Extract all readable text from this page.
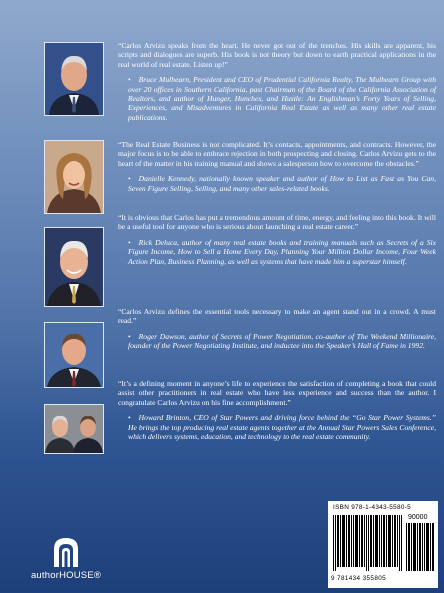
“Carlos Arvizu speaks from the heart. He never got out of the trenches. His skills are apparent, his scripts and dialogues are superb. His book is not theory but down to earth practical applications in the real world of real estate. Listen up!”

• Bruce Mulhearn, President and CEO of Prudential California Realty, The Mulhearn Group with over 20 offices in Southern California, past Chairman of the Board of the California Association of Realtors, and author of Hunger, Hunches, and Hustle: An Englishman’s Forty Years of Selling, Experiences, and Misadventures in California Real Estate as well as many other real estate publications.

“The Real Estate Business is not complicated. It’s contacts, appointments, and contracts. However, the major focus is to be able to embrace rejection in both prospecting and closing. Carlos Arvizu gets to the heart of the matter in his training manual and shows a salesperson how to overcome the obstacles.”

• Danielle Kennedy, nationally known speaker and author of How to List as Fast as You Can, Seven Figure Selling, Selling, and many other sales-related books.

“It is obvious that Carlos has put a tremendous amount of time, energy, and feeling into this book. It will be a useful tool for anyone who is serious about launching a real estate career.”

• Rick Deluca, author of many real estate books and training manuals such as Secrets of a Six Figure Income, How to Sell a Home Every Day, Planning Your Million Dollar Income, Four Week Action Plan, Business Planning, as well as systems that have made him a superstar himself.

“Carlos Arvizu defines the essential tools necessary to make an agent stand out in a crowd. A must read.”

• Roger Dawson, author of Secrets of Power Negotiation, co-author of The Weekend Millionaire, founder of the Power Negotiating Institute, and inductee into the Speaker’s Hall of Fame in 1992.

“It’s a defining moment in anyone’s life to experience the satisfaction of completing a book that could assist other practitioners in real estate who have less experience and success than the author. I congratulate Carlos Arvizu on his fine accomplishment.”

• Howard Brinton, CEO of Star Powers and driving force behind the “Go Star Power Systems.” He brings the top producing real estate agents together at the Annual Star Powers Sales Conference, which delivers systems, education, and technology to the real estate community.

authorHOUSE®
ISBN 978-1-4343-5580-5
90000
9 781434 355805
